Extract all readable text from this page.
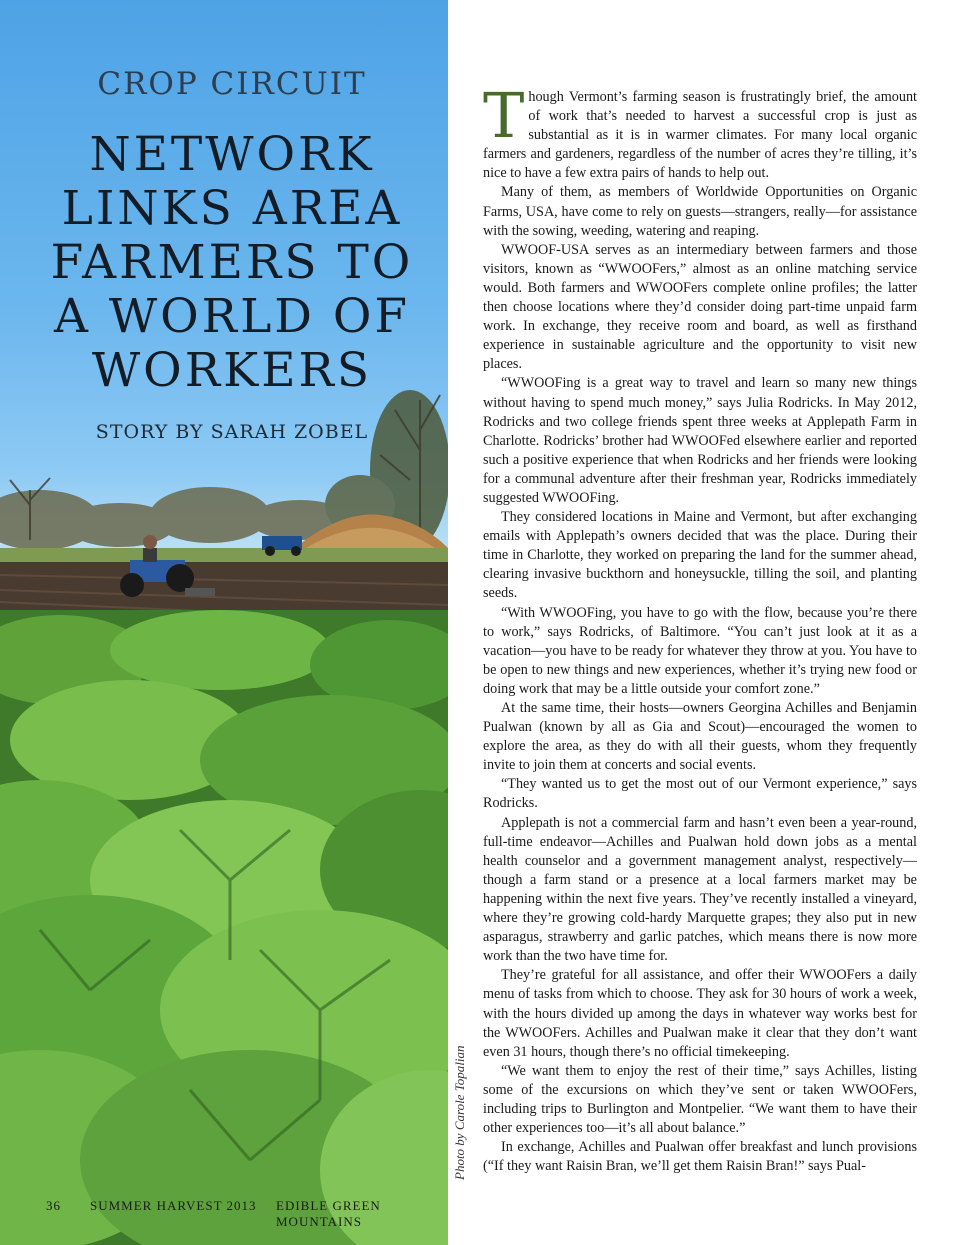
CROP CIRCUIT
NETWORK
LINKS AREA
FARMERS TO
A WORLD OF
WORKERS
STORY BY SARAH ZOBEL
Photo by Carole Topalian
36 SUMMER HARVEST 2013 EDIBLE GREEN MOUNTAINS

Though Vermont’s farming season is frustratingly brief, the amount of work that’s needed to harvest a successful crop is just as substantial as it is in warmer climates. For many local organic farmers and gardeners, regardless of the number of acres they’re tilling, it’s nice to have a few extra pairs of hands to help out.

Many of them, as members of Worldwide Opportunities on Organic Farms, USA, have come to rely on guests—strangers, really—for assistance with the sowing, weeding, watering and reaping.

WWOOF-USA serves as an intermediary between farmers and those visitors, known as “WWOOFers,” almost as an online matching service would. Both farmers and WWOOFers complete online profiles; the latter then choose locations where they’d consider doing part-time unpaid farm work. In exchange, they receive room and board, as well as firsthand experience in sustainable agriculture and the opportunity to visit new places.

“WWOOFing is a great way to travel and learn so many new things without having to spend much money,” says Julia Rodricks. In May 2012, Rodricks and two college friends spent three weeks at Applepath Farm in Charlotte. Rodricks’ brother had WWOOFed elsewhere earlier and reported such a positive experience that when Rodricks and her friends were looking for a communal adventure after their freshman year, Rodricks immediately suggested WWOOFing.

They considered locations in Maine and Vermont, but after exchanging emails with Applepath’s owners decided that was the place. During their time in Charlotte, they worked on preparing the land for the summer ahead, clearing invasive buckthorn and honeysuckle, tilling the soil, and planting seeds.

“With WWOOFing, you have to go with the flow, because you’re there to work,” says Rodricks, of Baltimore. “You can’t just look at it as a vacation—you have to be ready for whatever they throw at you. You have to be open to new things and new experiences, whether it’s trying new food or doing work that may be a little outside your comfort zone.”

At the same time, their hosts—owners Georgina Achilles and Benjamin Pualwan (known by all as Gia and Scout)—encouraged the women to explore the area, as they do with all their guests, whom they frequently invite to join them at concerts and social events.

“They wanted us to get the most out of our Vermont experience,” says Rodricks.

Applepath is not a commercial farm and hasn’t even been a year-round, full-time endeavor—Achilles and Pualwan hold down jobs as a mental health counselor and a government management analyst, respectively—though a farm stand or a presence at a local farmers market may be happening within the next five years. They’ve recently installed a vineyard, where they’re growing cold-hardy Marquette grapes; they also put in new asparagus, strawberry and garlic patches, which means there is now more work than the two have time for.

They’re grateful for all assistance, and offer their WWOOFers a daily menu of tasks from which to choose. They ask for 30 hours of work a week, with the hours divided up among the days in whatever way works best for the WWOOFers. Achilles and Pualwan make it clear that they don’t want even 31 hours, though there’s no official timekeeping.

“We want them to enjoy the rest of their time,” says Achilles, listing some of the excursions on which they’ve sent or taken WWOOFers, including trips to Burlington and Montpelier. “We want them to have their other experiences too—it’s all about balance.”

In exchange, Achilles and Pualwan offer breakfast and lunch provisions (“If they want Raisin Bran, we’ll get them Raisin Bran!” says Pual-
